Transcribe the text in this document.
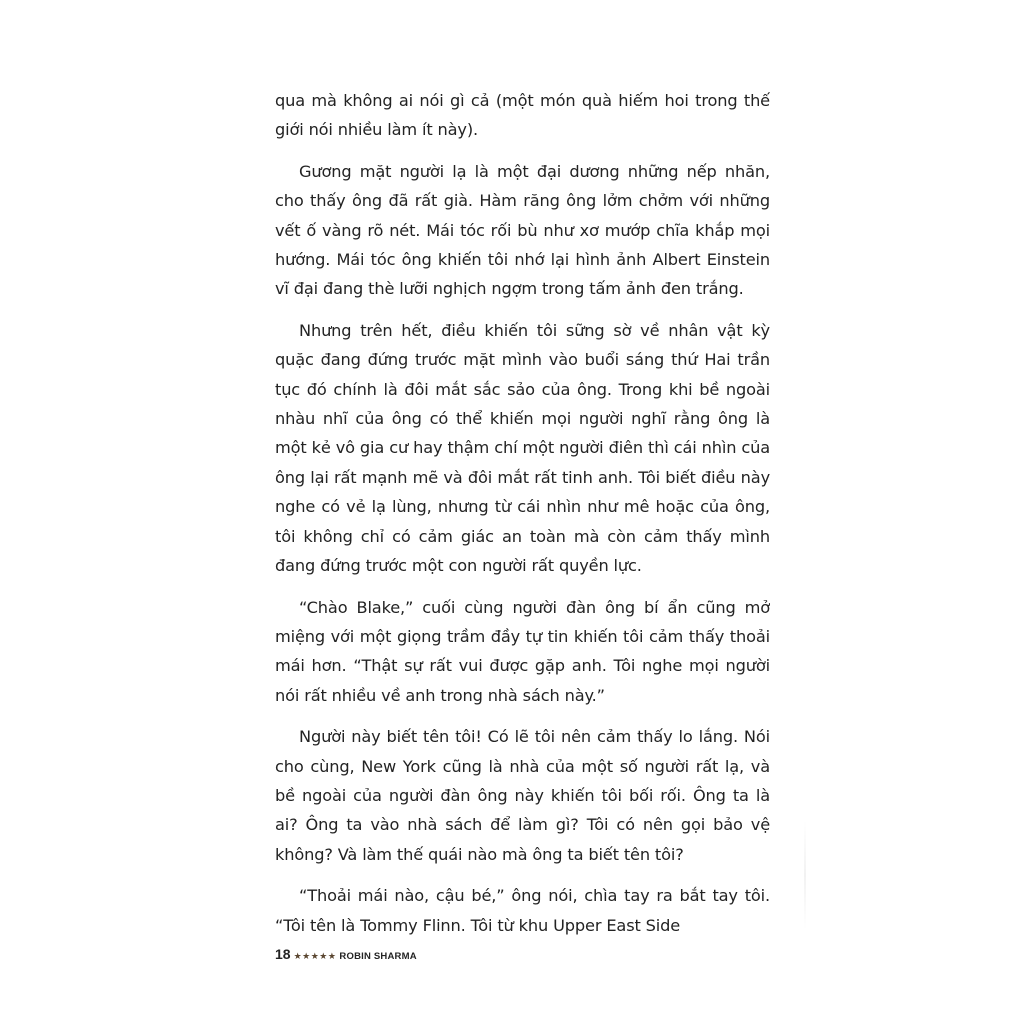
qua mà không ai nói gì cả (một món quà hiếm hoi trong thế giới nói nhiều làm ít này).

Gương mặt người lạ là một đại dương những nếp nhăn, cho thấy ông đã rất già. Hàm răng ông lởm chởm với những vết ố vàng rõ nét. Mái tóc rối bù như xơ mướp chĩa khắp mọi hướng. Mái tóc ông khiến tôi nhớ lại hình ảnh Albert Einstein vĩ đại đang thè lưỡi nghịch ngợm trong tấm ảnh đen trắng.

Nhưng trên hết, điều khiến tôi sững sờ về nhân vật kỳ quặc đang đứng trước mặt mình vào buổi sáng thứ Hai trần tục đó chính là đôi mắt sắc sảo của ông. Trong khi bề ngoài nhàu nhĩ của ông có thể khiến mọi người nghĩ rằng ông là một kẻ vô gia cư hay thậm chí một người điên thì cái nhìn của ông lại rất mạnh mẽ và đôi mắt rất tinh anh. Tôi biết điều này nghe có vẻ lạ lùng, nhưng từ cái nhìn như mê hoặc của ông, tôi không chỉ có cảm giác an toàn mà còn cảm thấy mình đang đứng trước một con người rất quyền lực.

“Chào Blake,” cuối cùng người đàn ông bí ẩn cũng mở miệng với một giọng trầm đầy tự tin khiến tôi cảm thấy thoải mái hơn. “Thật sự rất vui được gặp anh. Tôi nghe mọi người nói rất nhiều về anh trong nhà sách này.”

Người này biết tên tôi! Có lẽ tôi nên cảm thấy lo lắng. Nói cho cùng, New York cũng là nhà của một số người rất lạ, và bề ngoài của người đàn ông này khiến tôi bối rối. Ông ta là ai? Ông ta vào nhà sách để làm gì? Tôi có nên gọi bảo vệ không? Và làm thế quái nào mà ông ta biết tên tôi?

“Thoải mái nào, cậu bé,” ông nói, chìa tay ra bắt tay tôi. “Tôi tên là Tommy Flinn. Tôi từ khu Upper East Side

18 ★★★★★ ROBIN SHARMA
